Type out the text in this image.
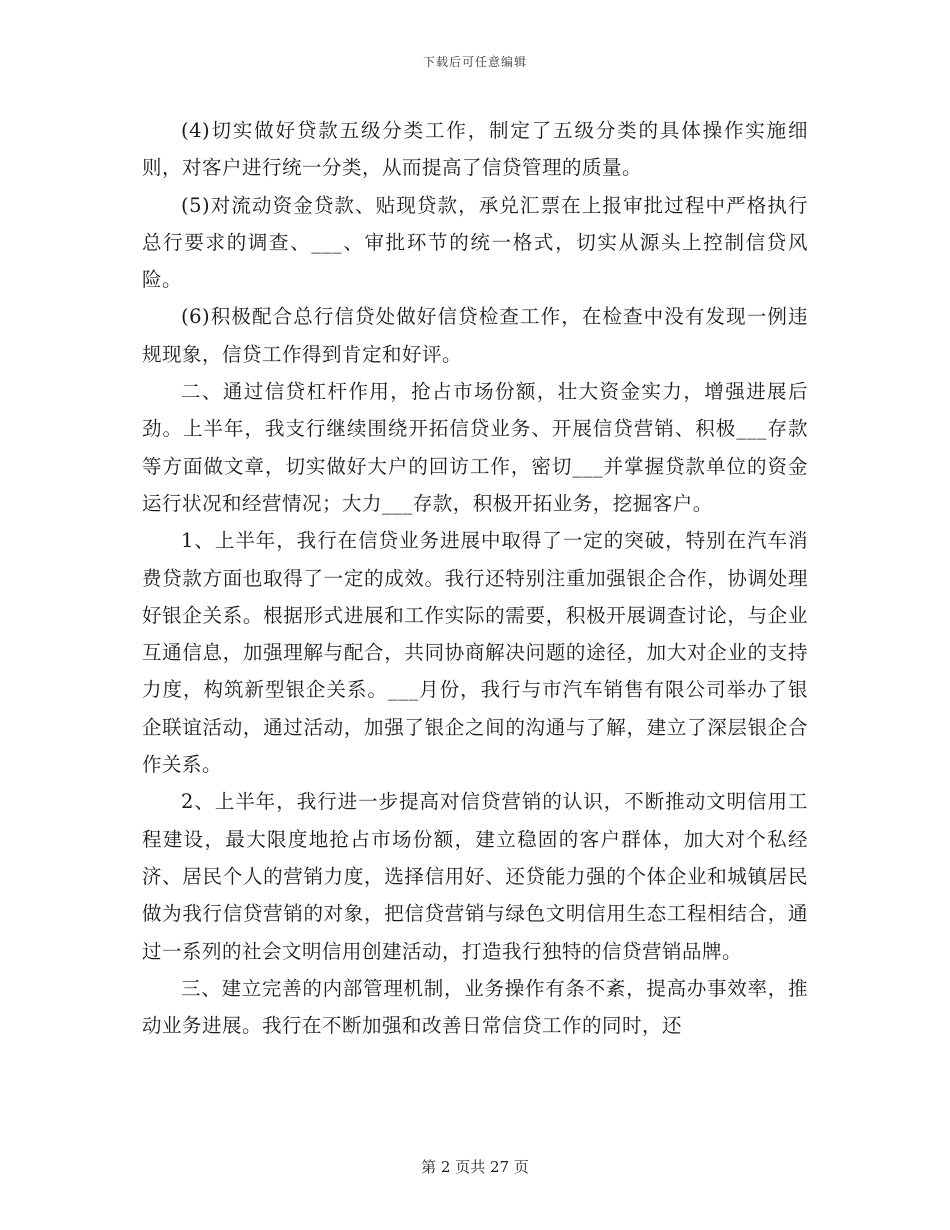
下载后可任意编辑

(4)切实做好贷款五级分类工作，制定了五级分类的具体操作实施细则，对客户进行统一分类，从而提高了信贷管理的质量。

(5)对流动资金贷款、贴现贷款，承兑汇票在上报审批过程中严格执行总行要求的调查、___、审批环节的统一格式，切实从源头上控制信贷风险。

(6)积极配合总行信贷处做好信贷检查工作，在检查中没有发现一例违规现象，信贷工作得到肯定和好评。

二、通过信贷杠杆作用，抢占市场份额，壮大资金实力，增强进展后劲。上半年，我支行继续围绕开拓信贷业务、开展信贷营销、积极___存款等方面做文章，切实做好大户的回访工作，密切___并掌握贷款单位的资金运行状况和经营情况；大力___存款，积极开拓业务，挖掘客户。

1、上半年，我行在信贷业务进展中取得了一定的突破，特别在汽车消费贷款方面也取得了一定的成效。我行还特别注重加强银企合作，协调处理好银企关系。根据形式进展和工作实际的需要，积极开展调查讨论，与企业互通信息，加强理解与配合，共同协商解决问题的途径，加大对企业的支持力度，构筑新型银企关系。___月份，我行与市汽车销售有限公司举办了银企联谊活动，通过活动，加强了银企之间的沟通与了解，建立了深层银企合作关系。

2、上半年，我行进一步提高对信贷营销的认识，不断推动文明信用工程建设，最大限度地抢占市场份额，建立稳固的客户群体，加大对个私经济、居民个人的营销力度，选择信用好、还贷能力强的个体企业和城镇居民做为我行信贷营销的对象，把信贷营销与绿色文明信用生态工程相结合，通过一系列的社会文明信用创建活动，打造我行独特的信贷营销品牌。

三、建立完善的内部管理机制，业务操作有条不紊，提高办事效率，推动业务进展。我行在不断加强和改善日常信贷工作的同时，还

第 2 页共 27 页
